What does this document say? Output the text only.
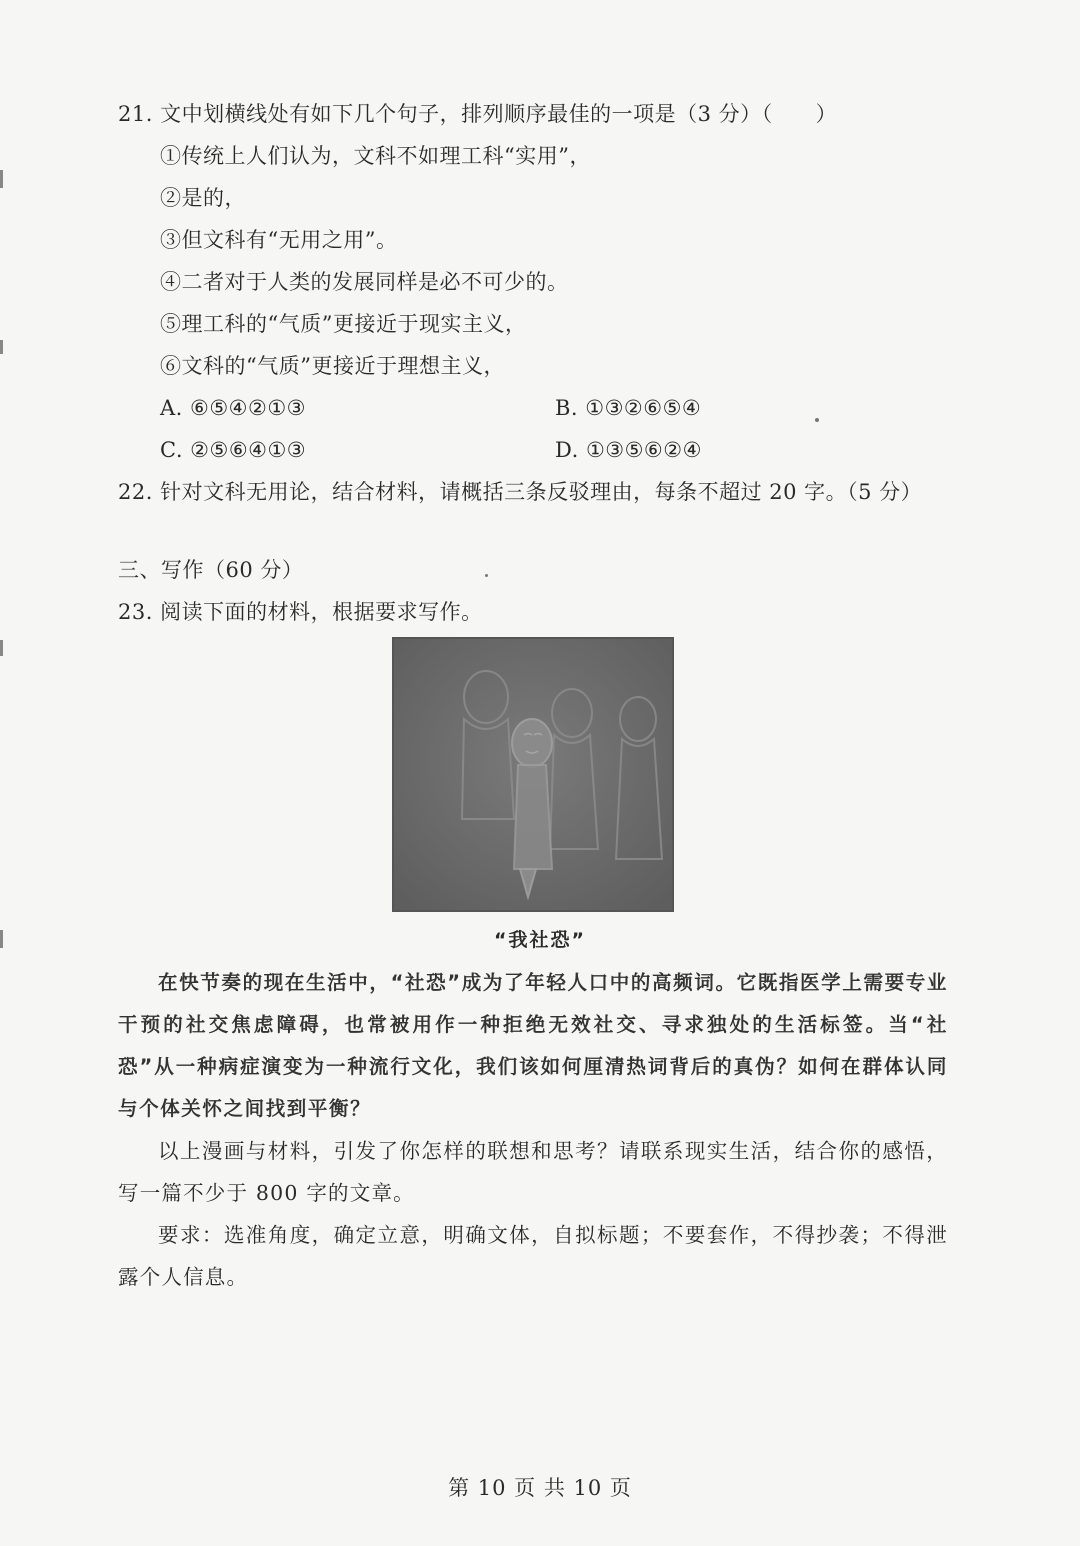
21. 文中划横线处有如下几个句子，排列顺序最佳的一项是（3 分）（　　）
①传统上人们认为，文科不如理工科“实用”，
②是的，
③但文科有“无用之用”。
④二者对于人类的发展同样是必不可少的。
⑤理工科的“气质”更接近于现实主义，
⑥文科的“气质”更接近于理想主义，
A. ⑥⑤④②①③	B. ①③②⑥⑤④
C. ②⑤⑥④①③	D. ①③⑤⑥②④
22. 针对文科无用论，结合材料，请概括三条反驳理由，每条不超过 20 字。（5 分）
三、写作（60 分）
23. 阅读下面的材料，根据要求写作。
“我社恐”
在快节奏的现在生活中，“社恐”成为了年轻人口中的高频词。它既指医学上需要专业干预的社交焦虑障碍，也常被用作一种拒绝无效社交、寻求独处的生活标签。当“社恐”从一种病症演变为一种流行文化，我们该如何厘清热词背后的真伪？如何在群体认同与个体关怀之间找到平衡？
以上漫画与材料，引发了你怎样的联想和思考？请联系现实生活，结合你的感悟，写一篇不少于 800 字的文章。
要求：选准角度，确定立意，明确文体，自拟标题；不要套作，不得抄袭；不得泄露个人信息。
第 10 页 共 10 页
